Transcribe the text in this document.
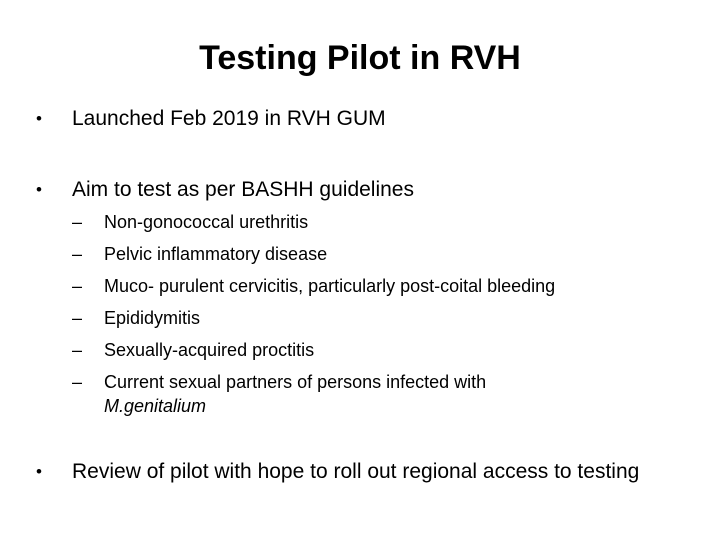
Testing Pilot in RVH
•	Launched Feb 2019 in RVH GUM
•	Aim to test as per BASHH guidelines
–	Non-gonococcal urethritis
–	Pelvic inflammatory disease
–	Muco- purulent cervicitis, particularly post-coital bleeding
–	Epididymitis
–	Sexually-acquired proctitis
–	Current sexual partners of persons infected with
M.genitalium
•	Review of pilot with hope to roll out regional access to testing
